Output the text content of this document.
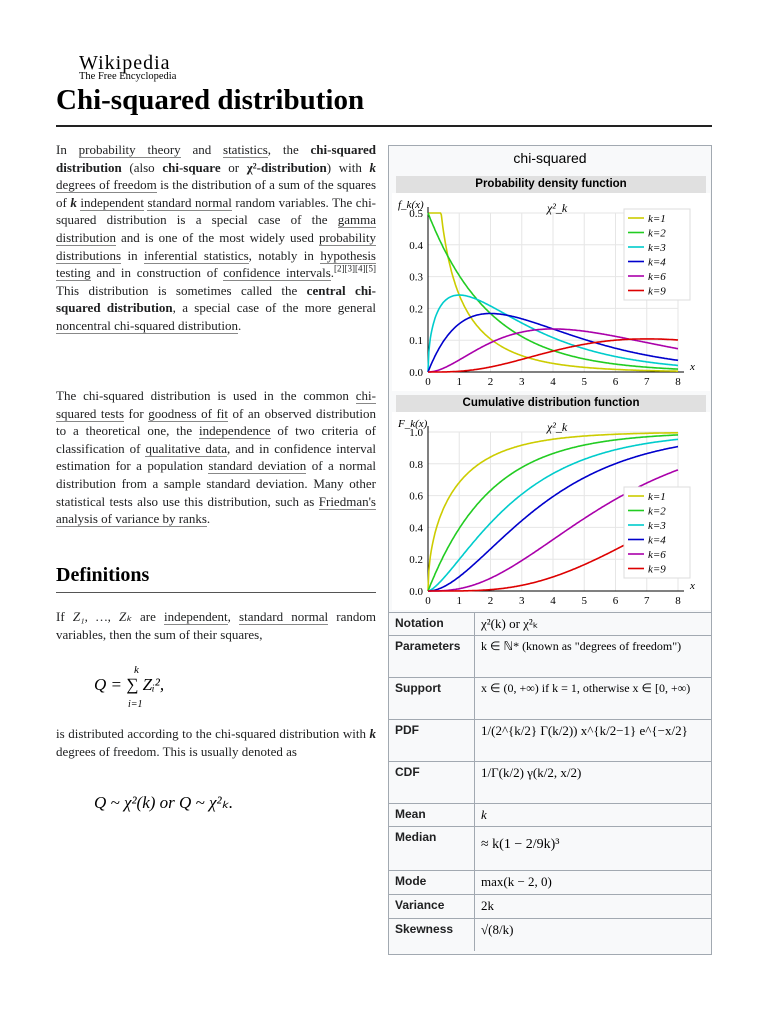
Wikipedia
The Free Encyclopedia
Chi-squared distribution
In probability theory and statistics, the chi-squared distribution (also chi-square or χ²-distribution) with k degrees of freedom is the distribution of a sum of the squares of k independent standard normal random variables. The chi-squared distribution is a special case of the gamma distribution and is one of the most widely used probability distributions in inferential statistics, notably in hypothesis testing and in construction of confidence intervals.[2][3][4][5] This distribution is sometimes called the central chi-squared distribution, a special case of the more general noncentral chi-squared distribution.
The chi-squared distribution is used in the common chi-squared tests for goodness of fit of an observed distribution to a theoretical one, the independence of two criteria of classification of qualitative data, and in confidence interval estimation for a population standard deviation of a normal distribution from a sample standard deviation. Many other statistical tests also use this distribution, such as Friedman's analysis of variance by ranks.
Definitions
If Z₁, …, Zₖ are independent, standard normal random variables, then the sum of their squares,
k
Q = ∑ Zᵢ²,
i=1
is distributed according to the chi-squared distribution with k degrees of freedom. This is usually denoted as
Q ~ χ²(k) or Q ~ χ²ₖ.
chi-squared
Probability density function
0.0
0.1
0.2
0.3
0.4
0.5
0 1 2 3 4 5 6 7 8
f_k(x)
x
χ²_k
k=1
k=2
k=3
k=4
k=6
k=9
Cumulative distribution function
0.0
0.2
0.4
0.6
0.8
1.0
0 1 2 3 4 5 6 7 8
F_k(x)
x
χ²_k
k=1
k=2
k=3
k=4
k=6
k=9
Notation	χ²(k) or χ²ₖ
Parameters	k ∈ ℕ* (known as "degrees of freedom")
Support	x ∈ (0, +∞) if k = 1, otherwise x ∈ [0, +∞)
PDF	1/(2^{k/2} Γ(k/2)) x^{k/2−1} e^{−x/2}
CDF	1/Γ(k/2) γ(k/2, x/2)
Mean	k
Median	≈ k(1 − 2/9k)³
Mode	max(k − 2, 0)
Variance	2k
Skewness	√(8/k)
